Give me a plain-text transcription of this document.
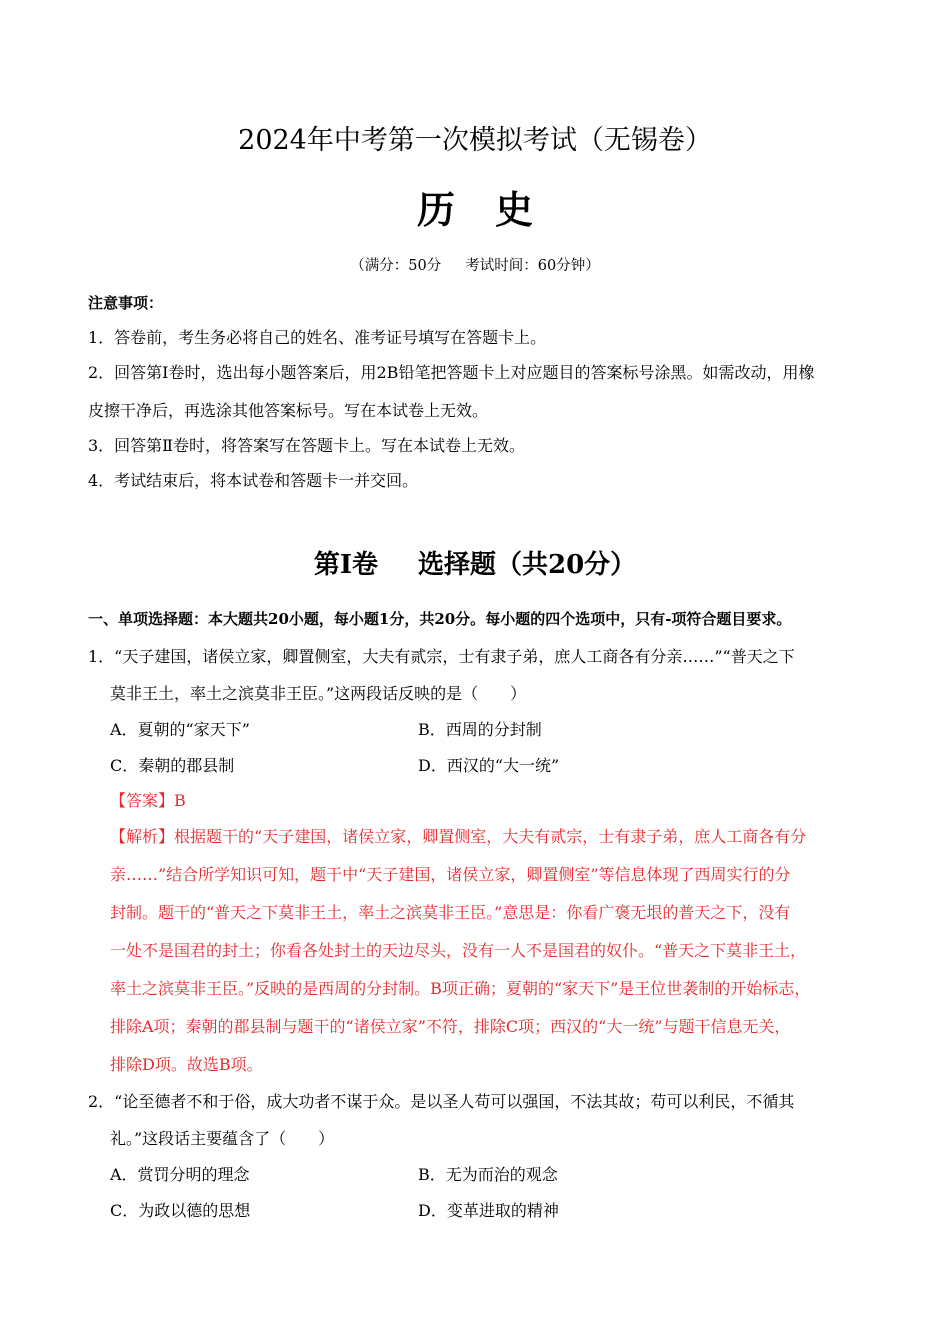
2024年中考第一次模拟考试（无锡卷）
历史
（满分：50分 考试时间：60分钟）
注意事项：
1．答卷前，考生务必将自己的姓名、准考证号填写在答题卡上。
2．回答第Ⅰ卷时，选出每小题答案后，用2B铅笔把答题卡上对应题目的答案标号涂黑。如需改动，用橡
皮擦干净后，再选涂其他答案标号。写在本试卷上无效。
3．回答第Ⅱ卷时，将答案写在答题卡上。写在本试卷上无效。
4．考试结束后，将本试卷和答题卡一并交回。
第I卷 选择题（共20分）
一、单项选择题：本大题共20小题，每小题1分，共20分。每小题的四个选项中，只有-项符合题目要求。
1．“天子建国，诸侯立家，卿置侧室，大夫有贰宗，士有隶子弟，庶人工商各有分亲……”“普天之下
莫非王土，率土之滨莫非王臣。”这两段话反映的是（　　）
A．夏朝的“家天下”	B．西周的分封制
C．秦朝的郡县制	D．西汉的“大一统”
【答案】B
【解析】根据题干的“天子建国，诸侯立家，卿置侧室，大夫有贰宗，士有隶子弟，庶人工商各有分
亲……”结合所学知识可知，题干中“天子建国，诸侯立家，卿置侧室”等信息体现了西周实行的分
封制。题干的“普天之下莫非王土，率土之滨莫非王臣。”意思是：你看广褒无垠的普天之下，没有
一处不是国君的封土；你看各处封土的天边尽头，没有一人不是国君的奴仆。“普天之下莫非王土，
率土之滨莫非王臣。”反映的是西周的分封制。B项正确；夏朝的“家天下”是王位世袭制的开始标志，
排除A项；秦朝的郡县制与题干的“诸侯立家”不符，排除C项；西汉的“大一统”与题干信息无关，
排除D项。故选B项。
2．“论至德者不和于俗，成大功者不谋于众。是以圣人苟可以强国，不法其故；苟可以利民，不循其
礼。”这段话主要蕴含了（　　）
A．赏罚分明的理念	B．无为而治的观念
C．为政以德的思想	D．变革进取的精神
